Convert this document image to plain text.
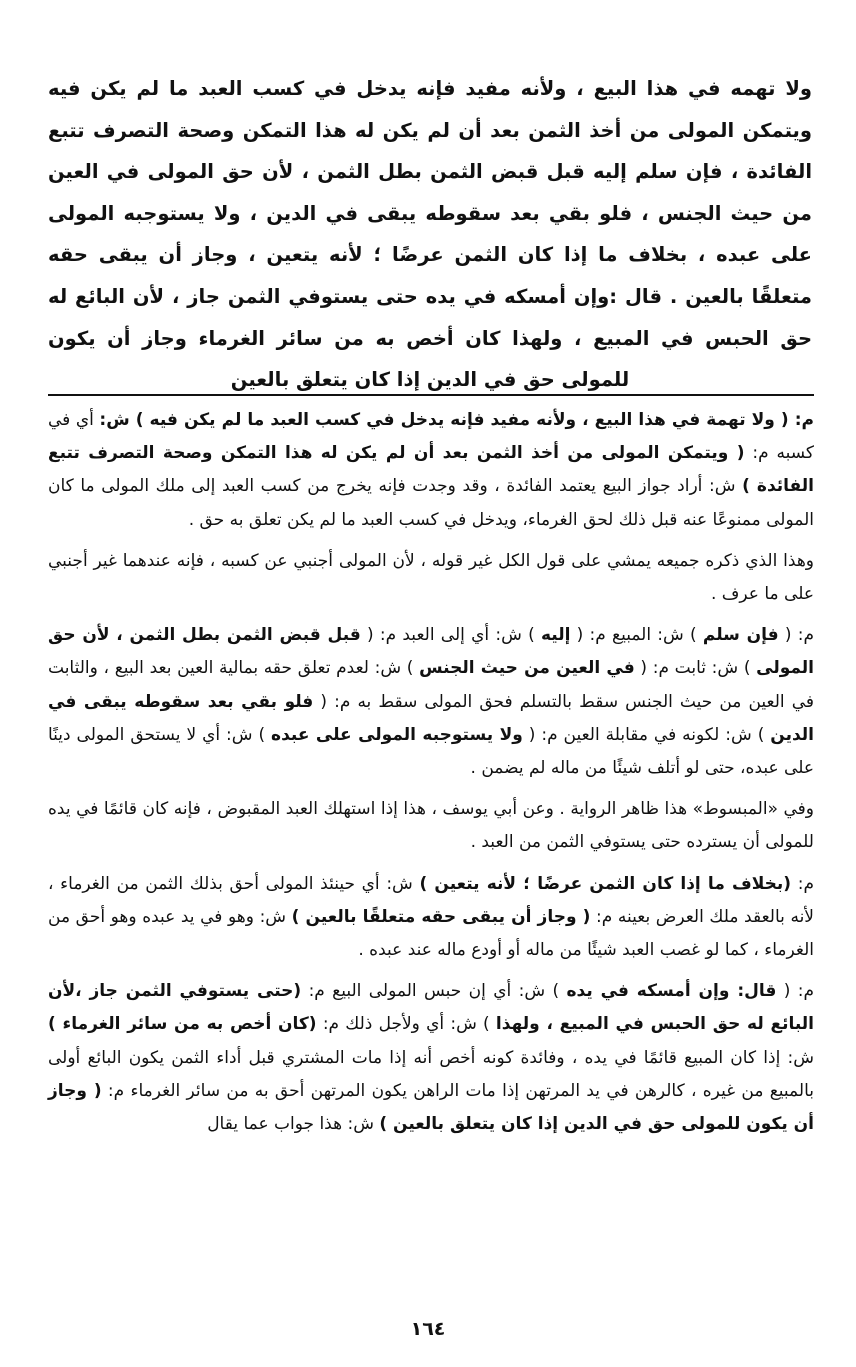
ولا تهمه في هذا البيع ، ولأنه مفيد فإنه يدخل في كسب العبد ما لم يكن فيه ويتمكن المولى من أخذ الثمن بعد أن لم يكن له هذا التمكن وصحة التصرف تتبع الفائدة ، فإن سلم إليه قبل قبض الثمن بطل الثمن ، لأن حق المولى في العين من حيث الجنس ، فلو بقي بعد سقوطه يبقى في الدين ، ولا يستوجبه المولى على عبده ، بخلاف ما إذا كان الثمن عرضًا ؛ لأنه يتعين ، وجاز أن يبقى حقه متعلقًا بالعين . قال :وإن أمسكه في يده حتى يستوفي الثمن جاز ، لأن البائع له حق الحبس في المبيع ، ولهذا كان أخص به من سائر الغرماء وجاز أن يكون للمولى حق في الدين إذا كان يتعلق بالعين

م: ( ولا تهمة في هذا البيع ، ولأنه مفيد فإنه يدخل في كسب العبد ما لم يكن فيه ) ش: أي في كسبه م: ( ويتمكن المولى من أخذ الثمن بعد أن لم يكن له هذا التمكن وصحة التصرف تتبع الفائدة ) ش: أراد جواز البيع يعتمد الفائدة ، وقد وجدت فإنه يخرج من كسب العبد إلى ملك المولى ما كان المولى ممنوعًا عنه قبل ذلك لحق الغرماء، ويدخل في كسب العبد ما لم يكن تعلق به حق .

وهذا الذي ذكره جميعه يمشي على قول الكل غير قوله ، لأن المولى أجنبي عن كسبه ، فإنه عندهما غير أجنبي على ما عرف .

م: ( فإن سلم ) ش: المبيع م: ( إليه ) ش: أي إلى العبد م: ( قبل قبض الثمن بطل الثمن ، لأن حق المولى ) ش: ثابت م: ( في العين من حيث الجنس ) ش: لعدم تعلق حقه بمالية العين بعد البيع ، والثابت في العين من حيث الجنس سقط بالتسلم فحق المولى سقط به م: ( فلو بقي بعد سقوطه يبقى في الدين ) ش: لكونه في مقابلة العين م: ( ولا يستوجبه المولى على عبده ) ش: أي لا يستحق المولى دينًا على عبده، حتى لو أتلف شيئًا من ماله لم يضمن .

وفي «المبسوط» هذا ظاهر الرواية . وعن أبي يوسف ، هذا إذا استهلك العبد المقبوض ، فإنه كان قائمًا في يده للمولى أن يسترده حتى يستوفي الثمن من العبد .

م: (بخلاف ما إذا كان الثمن عرضًا ؛ لأنه يتعين ) ش: أي حينئذ المولى أحق بذلك الثمن من الغرماء ، لأنه بالعقد ملك العرض بعينه م: ( وجاز أن يبقى حقه متعلقًا بالعين ) ش: وهو في يد عبده وهو أحق من الغرماء ، كما لو غصب العبد شيئًا من ماله أو أودع ماله عند عبده .

م: ( قال: وإن أمسكه في يده ) ش: أي إن حبس المولى البيع م: (حتى يستوفي الثمن جاز ،لأن البائع له حق الحبس في المبيع ، ولهذا ) ش: أي ولأجل ذلك م: (كان أخص به من سائر الغرماء ) ش: إذا كان المبيع قائمًا في يده ، وفائدة كونه أخص أنه إذا مات المشتري قبل أداء الثمن يكون البائع أولى بالمبيع من غيره ، كالرهن في يد المرتهن إذا مات الراهن يكون المرتهن أحق به من سائر الغرماء م: ( وجاز أن يكون للمولى حق في الدين إذا كان يتعلق بالعين ) ش: هذا جواب عما يقال

١٦٤
